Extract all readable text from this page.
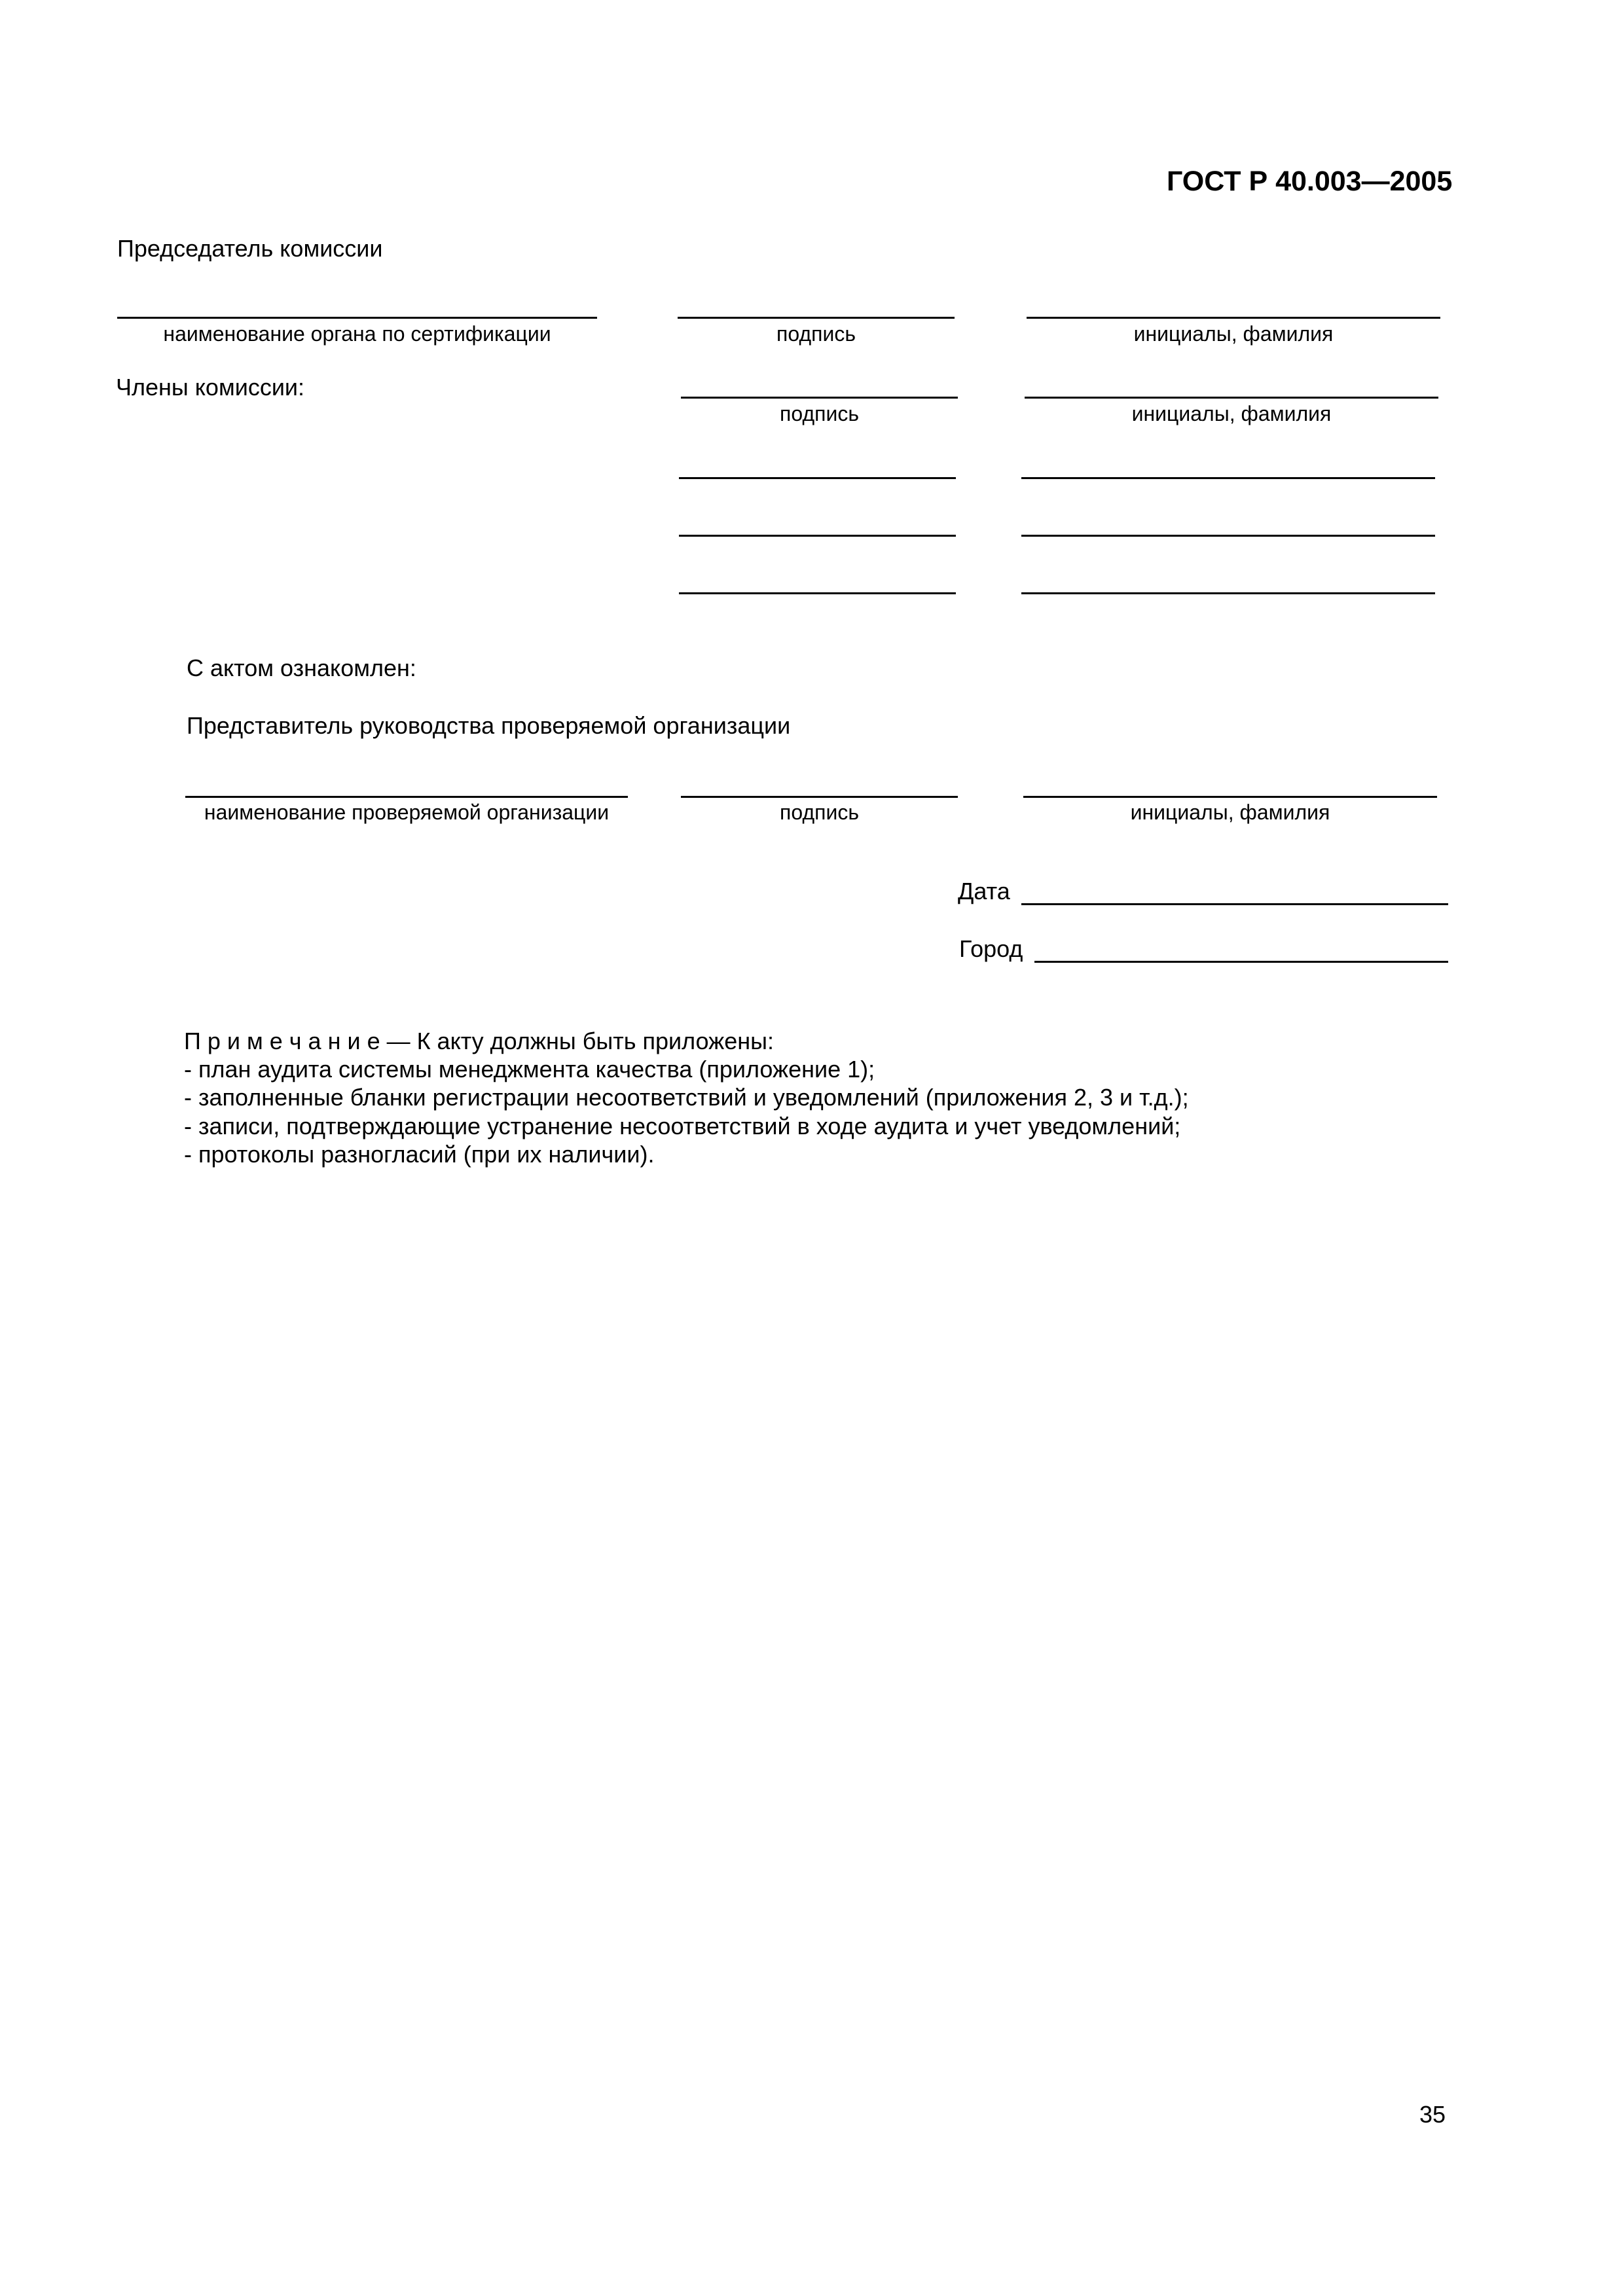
ГОСТ Р 40.003—2005
Председатель комиссии
наименование органа по сертификации	подпись	инициалы, фамилия
Члены комиссии:
подпись	инициалы, фамилия
С актом ознакомлен:
Представитель руководства проверяемой организации
наименование проверяемой организации	подпись	инициалы, фамилия
Дата
Город
П р и м е ч а н и е — К акту должны быть приложены:
- план аудита системы менеджмента качества (приложение 1);
- заполненные бланки регистрации несоответствий и уведомлений (приложения 2, 3 и т.д.);
- записи, подтверждающие устранение несоответствий в ходе аудита и учет уведомлений;
- протоколы разногласий (при их наличии).
35
